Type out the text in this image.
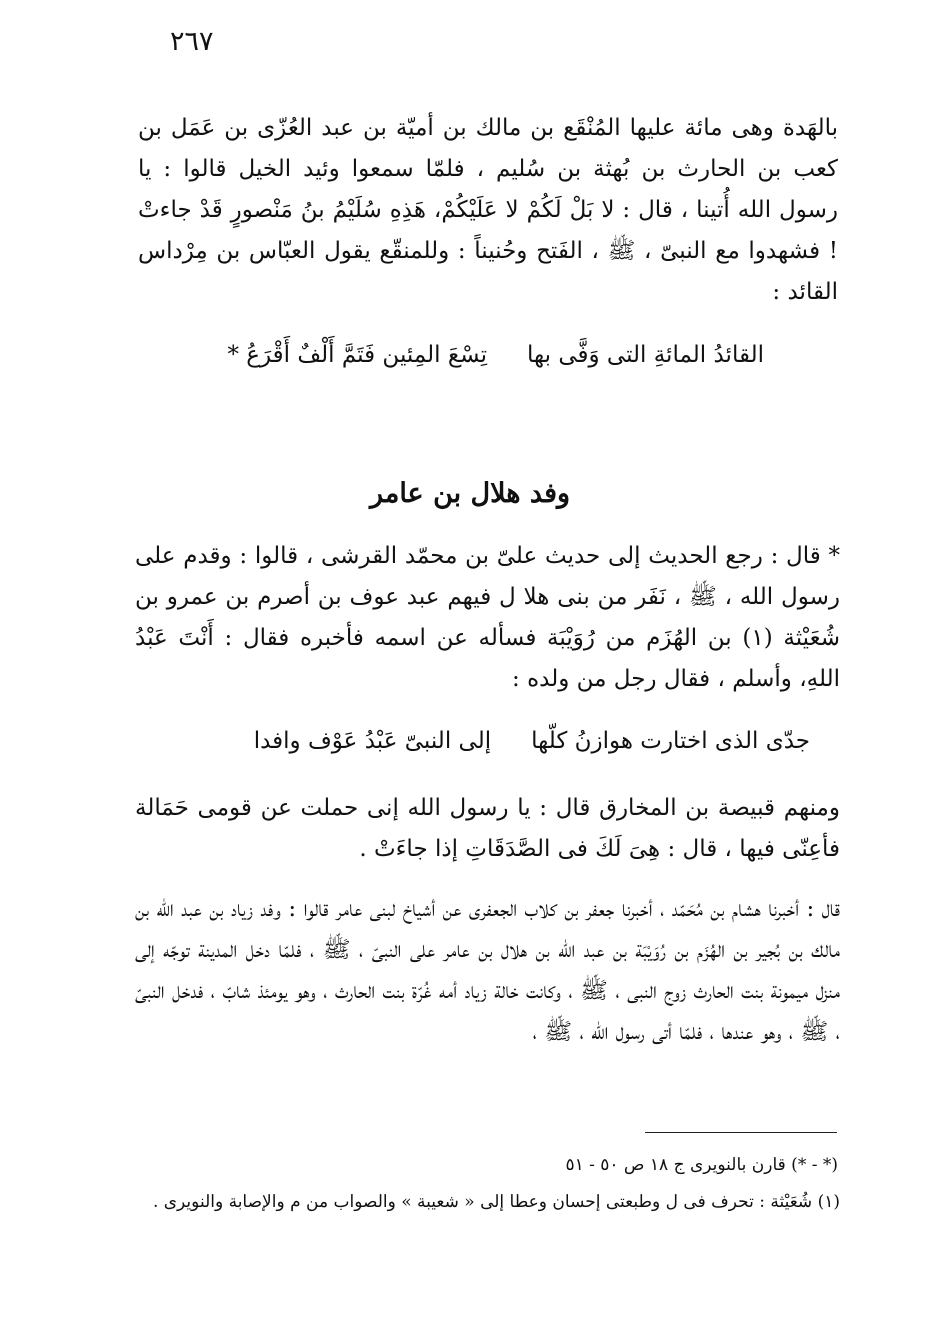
٢٦٧
بالهَدة وهى مائة عليها المُنْقَع بن مالك بن أميّة بن عبد العُزّى بن عَمَل بن كعب بن الحارث بن بُهثة بن سُليم ، فلمّا سمعوا وئيد الخيل قالوا : يا رسول الله أُتينا ، قال : لا بَلْ لَكُمْ لا عَلَيْكُمْ، هَذِهِ سُلَيْمُ بنُ مَنْصورٍ قَدْ جاءتْ ! فشهدوا مع النبىّ ، ﷺ ، الفَتح وحُنيناً : وللمنقّع يقول العبّاس بن مِرْداس القائد :
القائدُ المائةِ التى وَفَّى بها
تِسْعَ المِئين فَتَمَّ أَلْفٌ أَقْرَعُ *
وفد هلال بن عامر
* قال : رجع الحديث إلى حديث علىّ بن محمّد القرشى ، قالوا : وقدم على رسول الله ، ﷺ ، نَفَر من بنى هلا ل فيهم عبد عوف بن أصرم بن عمرو بن شُعَيْثة (١) بن الهُزَم من رُوَيْبَة فسأله عن اسمه فأخبره فقال : أَنْتَ عَبْدُ اللهِ، وأسلم ، فقال رجل من ولده :
جدّى الذى اختارت هوازنُ كلّها
إلى النبىّ عَبْدُ عَوْف وافدا
ومنهم قبيصة بن المخارق قال : يا رسول الله إنى حملت عن قومى حَمَالة فأعِنّى فيها ، قال : هِىَ لَكَ فى الصَّدَقَاتِ إذا جاءَتْ .
قال : أخبرنا هشام بن مُحَمّد ، أخبرنا جعفر بن كلاب الجعفرى عن أشياخ لبنى عامر قالوا : وفد زياد بن عبد الله بن مالك بن بُجير بن الهُزَم بن رُوَيْبَة بن عبد الله بن هلال بن عامر على النبىّ ، ﷺ ، فلمّا دخل المدينة توجّه إلى منزل ميمونة بنت الحارث زوج النبى ، ﷺ ، وكانت خالة زياد أمه غُرّة بنت الحارث ، وهو يومئذ شابّ ، فدخل النبىّ ، ﷺ ، وهو عندها ، فلمّا أتى رسول الله ، ﷺ ،
(* - *) قارن بالنويرى ج ١٨ ص ٥٠ - ٥١
(١) شُعَيْثة : تحرف فى ل وطبعتى إحسان وعطا إلى « شعيبة » والصواب من م والإصابة والنويرى .
